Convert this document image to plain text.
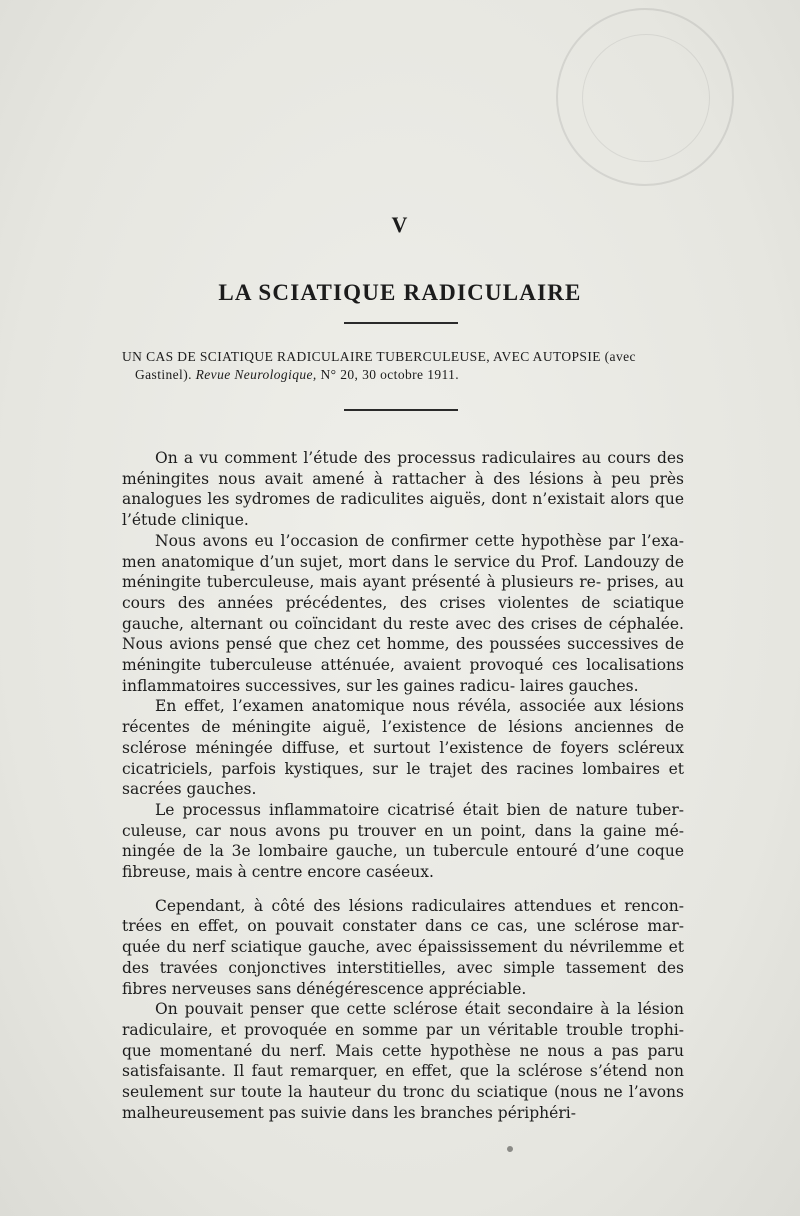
V
LA SCIATIQUE RADICULAIRE
UN CAS DE SCIATIQUE RADICULAIRE TUBERCULEUSE, AVEC AUTOPSIE (avec
Gastinel). Revue Neurologique, N° 20, 30 octobre 1911.

On a vu comment l’étude des processus radiculaires au cours des méningites nous avait amené à rattacher à des lésions à peu près analogues les sydromes de radiculites aiguës, dont n’existait alors que l’étude clinique.

Nous avons eu l’occasion de confirmer cette hypothèse par l’exa- men anatomique d’un sujet, mort dans le service du Prof. Landouzy de méningite tuberculeuse, mais ayant présenté à plusieurs re- prises, au cours des années précédentes, des crises violentes de sciatique gauche, alternant ou coïncidant du reste avec des crises de céphalée. Nous avions pensé que chez cet homme, des poussées successives de méningite tuberculeuse atténuée, avaient provoqué ces localisations inflammatoires successives, sur les gaines radicu- laires gauches.

En effet, l’examen anatomique nous révéla, associée aux lésions récentes de méningite aiguë, l’existence de lésions anciennes de sclérose méningée diffuse, et surtout l’existence de foyers scléreux cicatriciels, parfois kystiques, sur le trajet des racines lombaires et sacrées gauches.

Le processus inflammatoire cicatrisé était bien de nature tuber- culeuse, car nous avons pu trouver en un point, dans la gaine mé- ningée de la 3e lombaire gauche, un tubercule entouré d’une coque fibreuse, mais à centre encore caséeux.

Cependant, à côté des lésions radiculaires attendues et rencon- trées en effet, on pouvait constater dans ce cas, une sclérose mar- quée du nerf sciatique gauche, avec épaississement du névrilemme et des travées conjonctives interstitielles, avec simple tassement des fibres nerveuses sans dénégérescence appréciable.

On pouvait penser que cette sclérose était secondaire à la lésion radiculaire, et provoquée en somme par un véritable trouble trophi- que momentané du nerf. Mais cette hypothèse ne nous a pas paru satisfaisante. Il faut remarquer, en effet, que la sclérose s’étend non seulement sur toute la hauteur du tronc du sciatique (nous ne l’avons malheureusement pas suivie dans les branches périphéri-
